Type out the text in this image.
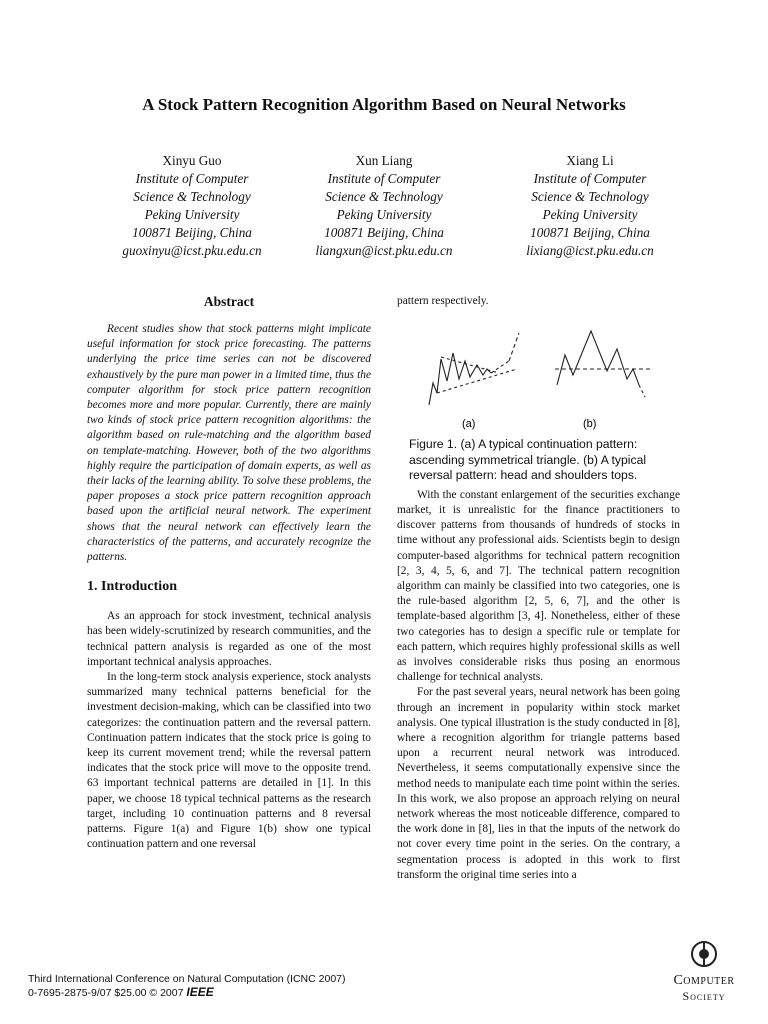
A Stock Pattern Recognition Algorithm Based on Neural Networks
Xinyu Guo
Institute of Computer
Science & Technology
Peking University
100871 Beijing, China
guoxinyu@icst.pku.edu.cn
Xun Liang
Institute of Computer
Science & Technology
Peking University
100871 Beijing, China
liangxun@icst.pku.edu.cn
Xiang Li
Institute of Computer
Science & Technology
Peking University
100871 Beijing, China
lixiang@icst.pku.edu.cn
Abstract

Recent studies show that stock patterns might implicate useful information for stock price forecasting. The patterns underlying the price time series can not be discovered exhaustively by the pure man power in a limited time, thus the computer algorithm for stock price pattern recognition becomes more and more popular. Currently, there are mainly two kinds of stock price pattern recognition algorithms: the algorithm based on rule-matching and the algorithm based on template-matching. However, both of the two algorithms highly require the participation of domain experts, as well as their lacks of the learning ability. To solve these problems, the paper proposes a stock price pattern recognition approach based upon the artificial neural network. The experiment shows that the neural network can effectively learn the characteristics of the patterns, and accurately recognize the patterns.

1. Introduction

As an approach for stock investment, technical analysis has been widely-scrutinized by research communities, and the technical pattern analysis is regarded as one of the most important technical analysis approaches.

In the long-term stock analysis experience, stock analysts summarized many technical patterns beneficial for the investment decision-making, which can be classified into two categorizes: the continuation pattern and the reversal pattern. Continuation pattern indicates that the stock price is going to keep its current movement trend; while the reversal pattern indicates that the stock price will move to the opposite trend. 63 important technical patterns are detailed in [1]. In this paper, we choose 18 typical technical patterns as the research target, including 10 continuation patterns and 8 reversal patterns. Figure 1(a) and Figure 1(b) show one typical continuation pattern and one reversal

pattern respectively.
(a)	(b)
Figure 1. (a) A typical continuation pattern: ascending symmetrical triangle. (b) A typical reversal pattern: head and shoulders tops.

With the constant enlargement of the securities exchange market, it is unrealistic for the finance practitioners to discover patterns from thousands of hundreds of stocks in time without any professional aids. Scientists begin to design computer-based algorithms for technical pattern recognition [2, 3, 4, 5, 6, and 7]. The technical pattern recognition algorithm can mainly be classified into two categories, one is the rule-based algorithm [2, 5, 6, 7], and the other is template-based algorithm [3, 4]. Nonetheless, either of these two categories has to design a specific rule or template for each pattern, which requires highly professional skills as well as involves considerable risks thus posing an enormous challenge for technical analysts.

For the past several years, neural network has been going through an increment in popularity within stock market analysis. One typical illustration is the study conducted in [8], where a recognition algorithm for triangle patterns based upon a recurrent neural network was introduced. Nevertheless, it seems computationally expensive since the method needs to manipulate each time point within the series. In this work, we also propose an approach relying on neural network whereas the most noticeable difference, compared to the work done in [8], lies in that the inputs of the network do not cover every time point in the series. On the contrary, a segmentation process is adopted in this work to first transform the original time series into a

Third International Conference on Natural Computation (ICNC 2007)
0-7695-2875-9/07 $25.00 © 2007 IEEE
Computer
Society
